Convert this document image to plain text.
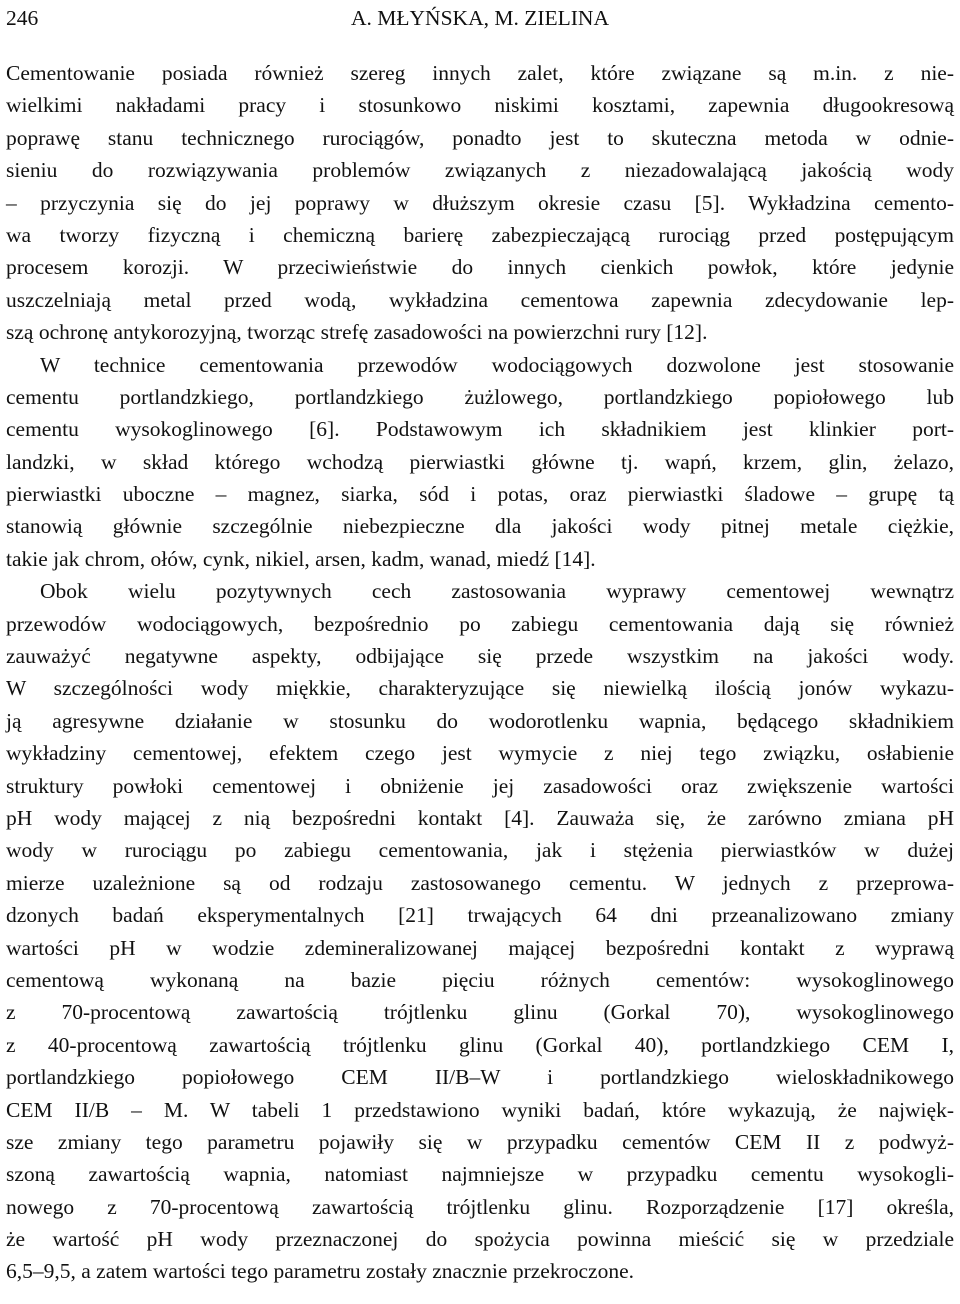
246	A. MŁYŃSKA, M. ZIELINA
Cementowanie posiada również szereg innych zalet, które związane są m.in. z nie-
wielkimi nakładami pracy i stosunkowo niskimi kosztami, zapewnia długookresową
poprawę stanu technicznego rurociągów, ponadto jest to skuteczna metoda w odnie-
sieniu do rozwiązywania problemów związanych z niezadowalającą jakością wody
– przyczynia się do jej poprawy w dłuższym okresie czasu [5]. Wykładzina cemento-
wa tworzy fizyczną i chemiczną barierę zabezpieczającą rurociąg przed postępującym
procesem korozji. W przeciwieństwie do innych cienkich powłok, które jedynie
uszczelniają metal przed wodą, wykładzina cementowa zapewnia zdecydowanie lep-
szą ochronę antykorozyjną, tworząc strefę zasadowości na powierzchni rury [12].
W technice cementowania przewodów wodociągowych dozwolone jest stosowanie
cementu portlandzkiego, portlandzkiego żużlowego, portlandzkiego popiołowego lub
cementu wysokoglinowego [6]. Podstawowym ich składnikiem jest klinkier port-
landzki, w skład którego wchodzą pierwiastki główne tj. wapń, krzem, glin, żelazo,
pierwiastki uboczne – magnez, siarka, sód i potas, oraz pierwiastki śladowe – grupę tą
stanowią głównie szczególnie niebezpieczne dla jakości wody pitnej metale ciężkie,
takie jak chrom, ołów, cynk, nikiel, arsen, kadm, wanad, miedź [14].
Obok wielu pozytywnych cech zastosowania wyprawy cementowej wewnątrz
przewodów wodociągowych, bezpośrednio po zabiegu cementowania dają się również
zauważyć negatywne aspekty, odbijające się przede wszystkim na jakości wody.
W szczególności wody miękkie, charakteryzujące się niewielką ilością jonów wykazu-
ją agresywne działanie w stosunku do wodorotlenku wapnia, będącego składnikiem
wykładziny cementowej, efektem czego jest wymycie z niej tego związku, osłabienie
struktury powłoki cementowej i obniżenie jej zasadowości oraz zwiększenie wartości
pH wody mającej z nią bezpośredni kontakt [4]. Zauważa się, że zarówno zmiana pH
wody w rurociągu po zabiegu cementowania, jak i stężenia pierwiastków w dużej
mierze uzależnione są od rodzaju zastosowanego cementu. W jednych z przeprowa-
dzonych badań eksperymentalnych [21] trwających 64 dni przeanalizowano zmiany
wartości pH w wodzie zdemineralizowanej mającej bezpośredni kontakt z wyprawą
cementową wykonaną na bazie pięciu różnych cementów: wysokoglinowego
z 70-procentową zawartością trójtlenku glinu (Gorkal 70), wysokoglinowego
z 40-procentową zawartością trójtlenku glinu (Gorkal 40), portlandzkiego CEM I,
portlandzkiego popiołowego CEM II/B–W i portlandzkiego wieloskładnikowego
CEM II/B – M. W tabeli 1 przedstawiono wyniki badań, które wykazują, że najwięk-
sze zmiany tego parametru pojawiły się w przypadku cementów CEM II z podwyż-
szoną zawartością wapnia, natomiast najmniejsze w przypadku cementu wysokogli-
nowego z 70-procentową zawartością trójtlenku glinu. Rozporządzenie [17] określa,
że wartość pH wody przeznaczonej do spożycia powinna mieścić się w przedziale
6,5–9,5, a zatem wartości tego parametru zostały znacznie przekroczone.
